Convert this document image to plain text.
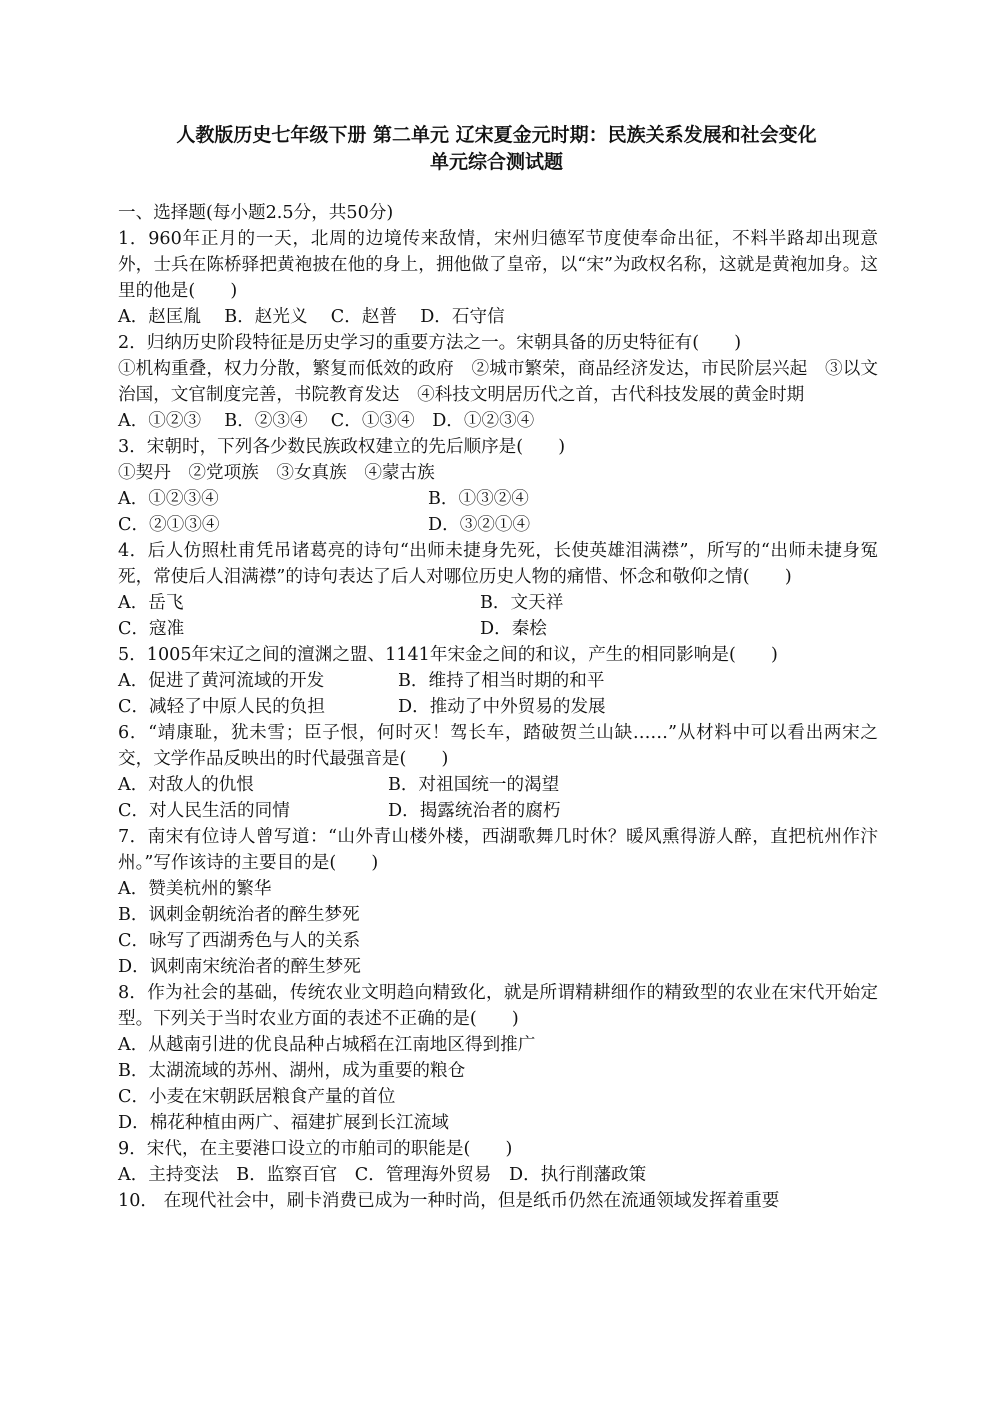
人教版历史七年级下册 第二单元 辽宋夏金元时期：民族关系发展和社会变化
单元综合测试题

一、选择题(每小题2.5分，共50分)

1．960年正月的一天，北周的边境传来敌情，宋州归德军节度使奉命出征，不料半路却出现意外，士兵在陈桥驿把黄袍披在他的身上，拥他做了皇帝，以“宋”为政权名称，这就是黄袍加身。这里的他是(　　)

A．赵匡胤　 B．赵光义　 C．赵普　 D．石守信

2．归纳历史阶段特征是历史学习的重要方法之一。宋朝具备的历史特征有(　　)

①机构重叠，权力分散，繁复而低效的政府　②城市繁荣，商品经济发达，市民阶层兴起　③以文治国，文官制度完善，书院教育发达　④科技文明居历代之首，古代科技发展的黄金时期

A．①②③　 B．②③④　 C．①③④　D．①②③④

3．宋朝时，下列各少数民族政权建立的先后顺序是(　　)

①契丹　②党项族　③女真族　④蒙古族

A．①②③④	B．①③②④
C．②①③④	D．③②①④

4．后人仿照杜甫凭吊诸葛亮的诗句“出师未捷身先死，长使英雄泪满襟”，所写的“出师未捷身冤死，常使后人泪满襟”的诗句表达了后人对哪位历史人物的痛惜、怀念和敬仰之情(　　)

A．岳飞	B．文天祥
C．寇准	D．秦桧

5．1005年宋辽之间的澶渊之盟、1141年宋金之间的和议，产生的相同影响是(　　)

A．促进了黄河流域的开发	B．维持了相当时期的和平
C．减轻了中原人民的负担	D．推动了中外贸易的发展

6．“靖康耻，犹未雪；臣子恨，何时灭！驾长车，踏破贺兰山缺……”从材料中可以看出两宋之交，文学作品反映出的时代最强音是(　　)

A．对敌人的仇恨	B．对祖国统一的渴望
C．对人民生活的同情	D．揭露统治者的腐朽

7．南宋有位诗人曾写道：“山外青山楼外楼，西湖歌舞几时休？暖风熏得游人醉，直把杭州作汴州。”写作该诗的主要目的是(　　)

A．赞美杭州的繁华

B．讽刺金朝统治者的醉生梦死

C．咏写了西湖秀色与人的关系

D．讽刺南宋统治者的醉生梦死

8．作为社会的基础，传统农业文明趋向精致化，就是所谓精耕细作的精致型的农业在宋代开始定型。下列关于当时农业方面的表述不正确的是(　　)

A．从越南引进的优良品种占城稻在江南地区得到推广

B．太湖流域的苏州、湖州，成为重要的粮仓

C．小麦在宋朝跃居粮食产量的首位

D．棉花种植由两广、福建扩展到长江流域

9．宋代，在主要港口设立的市舶司的职能是(　　)

A．主持变法　B．监察百官　C．管理海外贸易　D．执行削藩政策

10． 在现代社会中，刷卡消费已成为一种时尚，但是纸币仍然在流通领域发挥着重要
